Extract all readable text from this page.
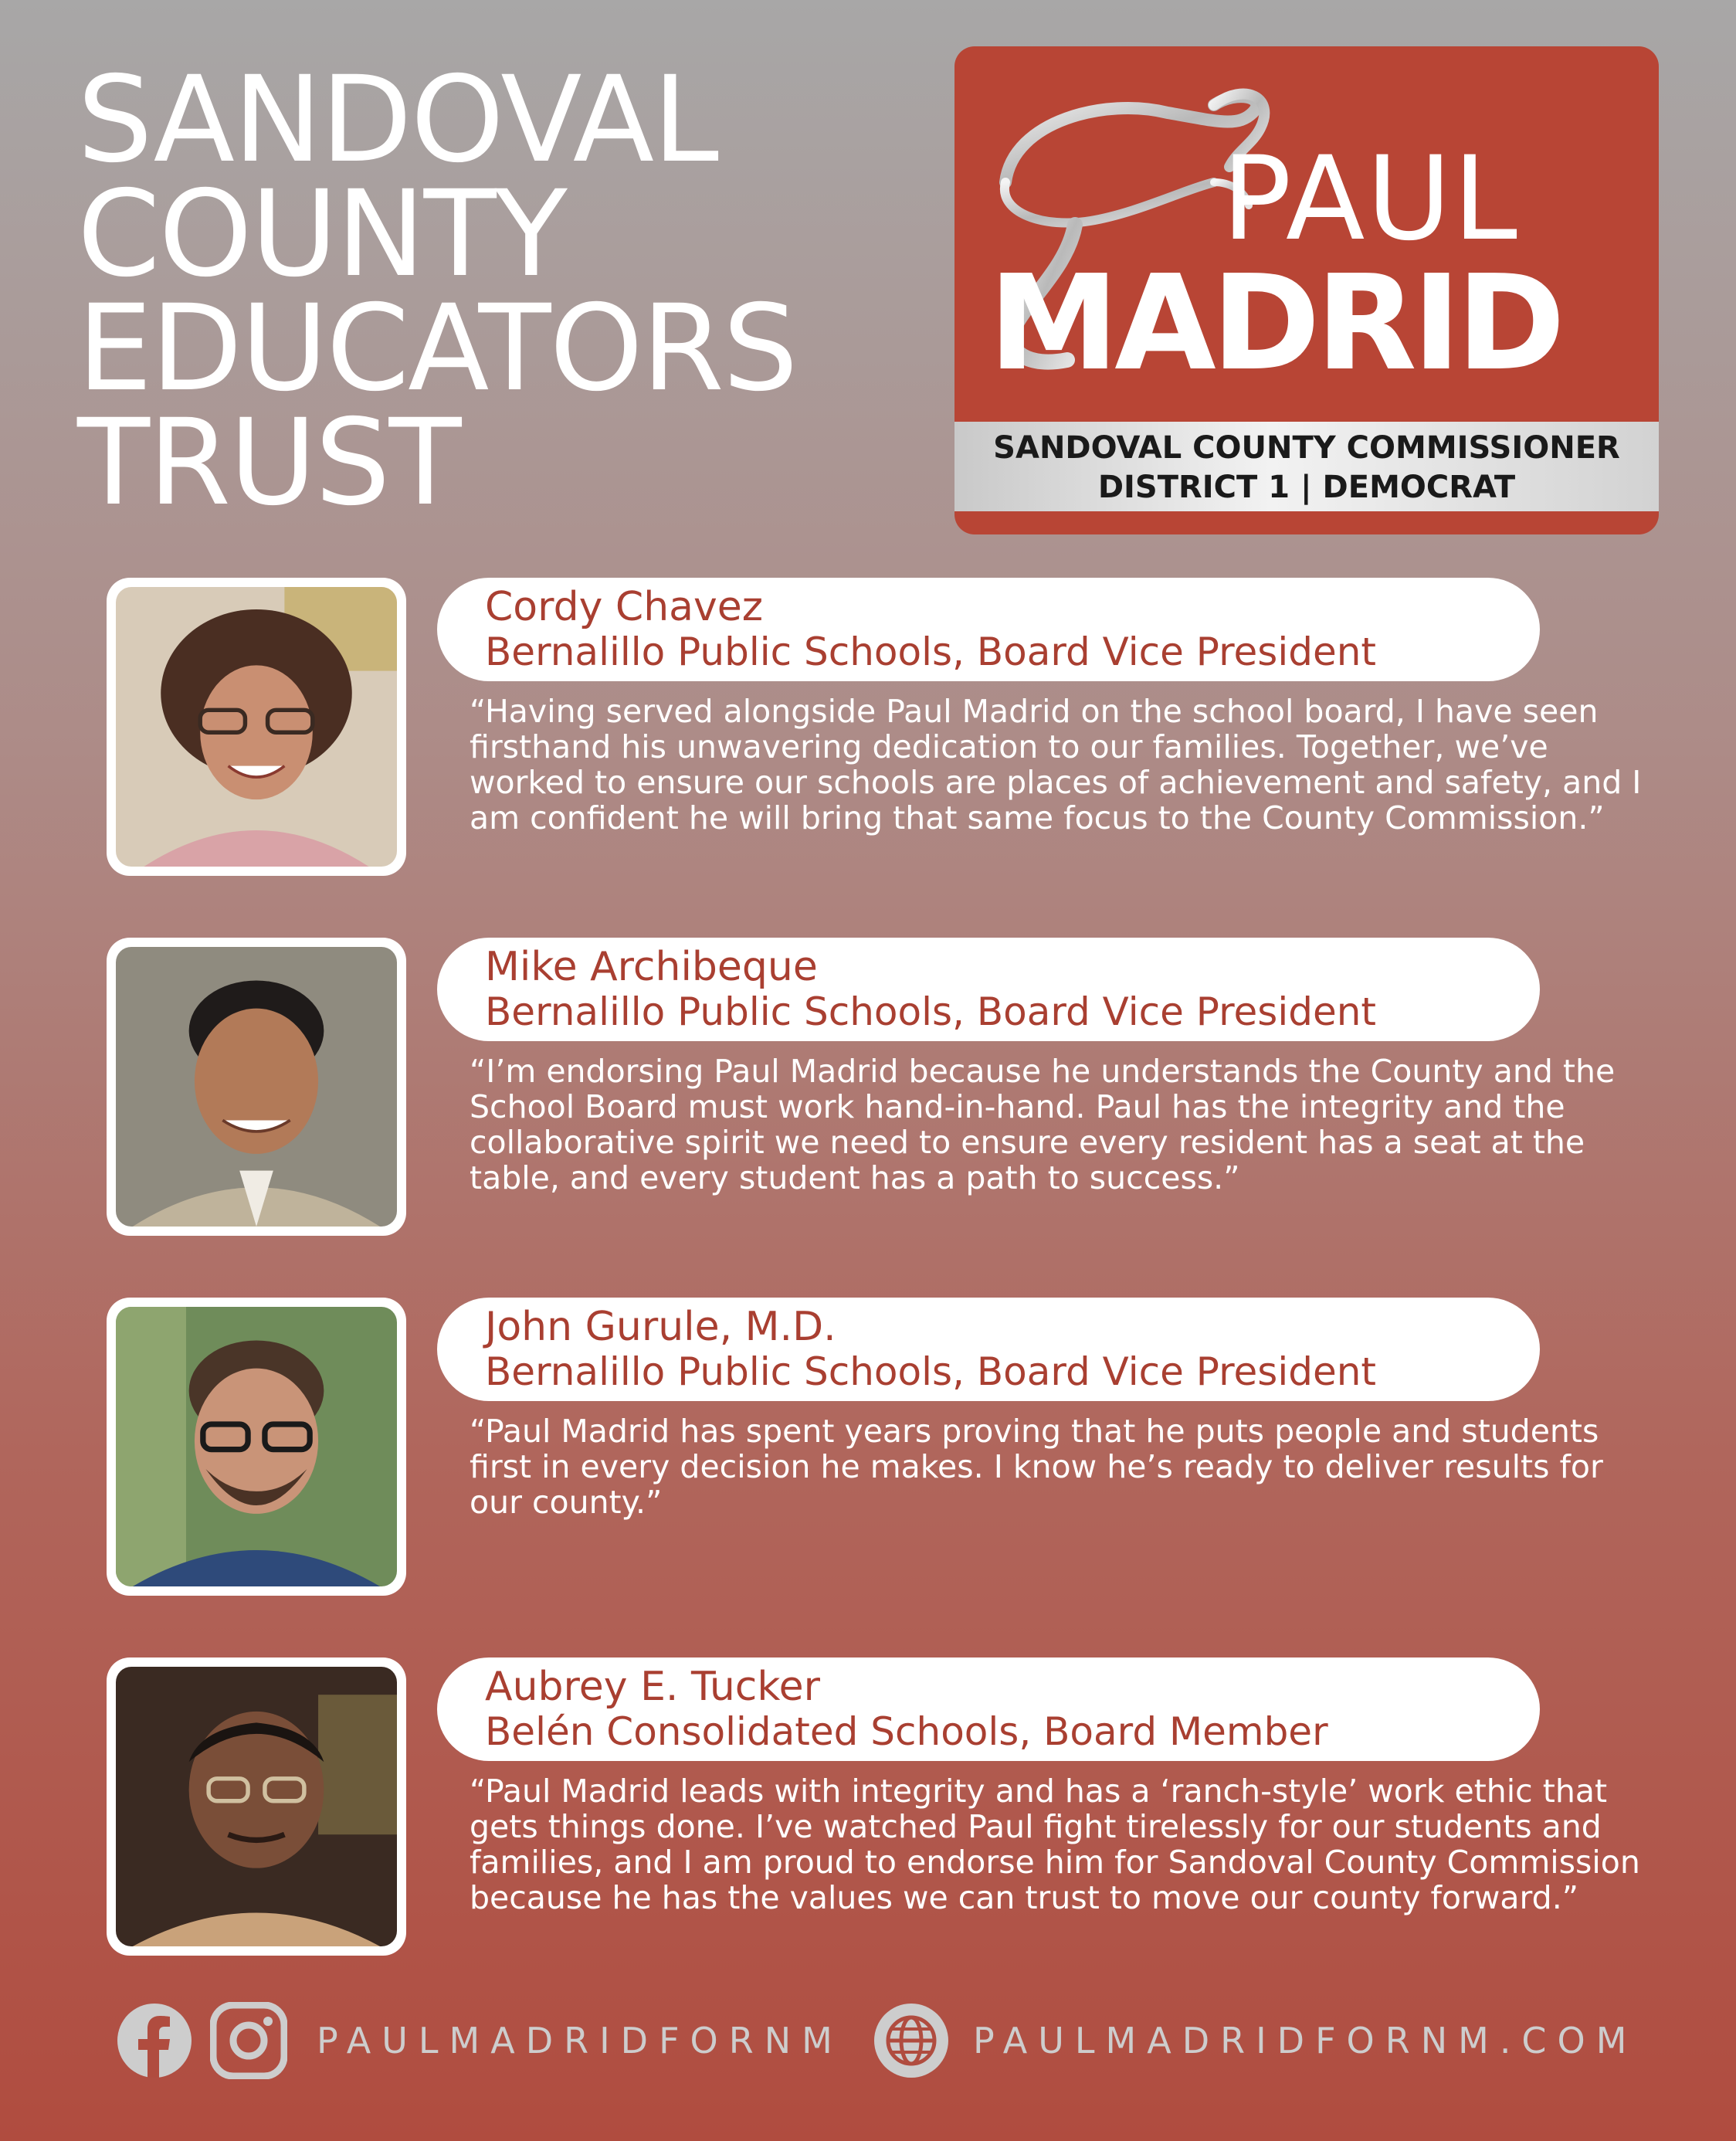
SANDOVAL
COUNTY
EDUCATORS
TRUST
PAUL
MADRID
SANDOVAL COUNTY COMMISSIONER
DISTRICT 1 | DEMOCRAT
Cordy Chavez
Bernalillo Public Schools, Board Vice President

“Having served alongside Paul Madrid on the school board, I have seen firsthand his unwavering dedication to our families. Together, we’ve worked to ensure our schools are places of achievement and safety, and I am confident he will bring that same focus to the County Commission.”

Mike Archibeque
Bernalillo Public Schools, Board Vice President

“I’m endorsing Paul Madrid because he understands the County and the School Board must work hand-in-hand. Paul has the integrity and the collaborative spirit we need to ensure every resident has a seat at the table, and every student has a path to success.”

John Gurule, M.D.
Bernalillo Public Schools, Board Vice President

“Paul Madrid has spent years proving that he puts people and students first in every decision he makes. I know he’s ready to deliver results for our county.”

Aubrey E. Tucker
Belén Consolidated Schools, Board Member

“Paul Madrid leads with integrity and has a ‘ranch-style’ work ethic that gets things done. I’ve watched Paul fight tirelessly for our students and families, and I am proud to endorse him for Sandoval County Commission because he has the values we can trust to move our county forward.”

PAULMADRIDFORNM	PAULMADRIDFORNM.COM
